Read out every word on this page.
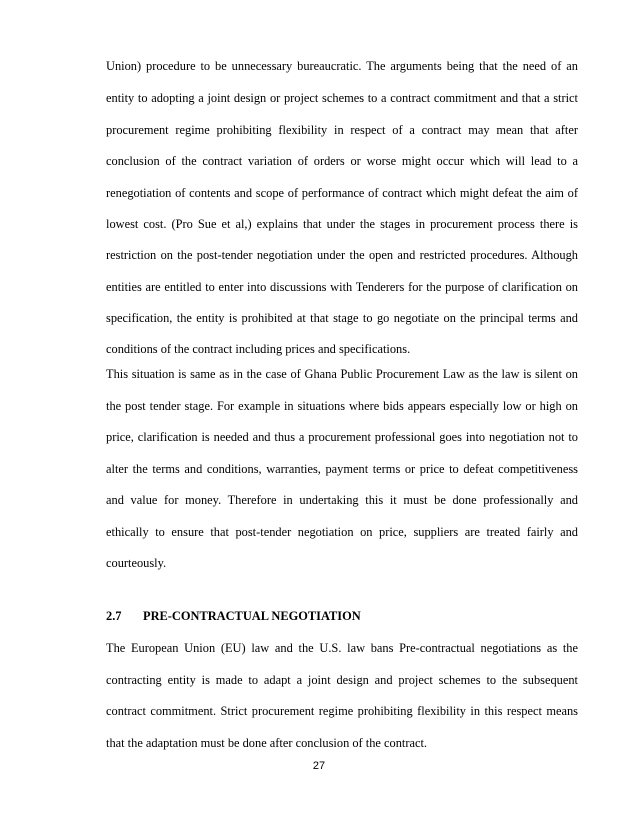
Union) procedure to be unnecessary bureaucratic. The arguments being that the need of an
entity to adopting a joint design or project schemes to a contract commitment and that a strict
procurement regime prohibiting flexibility in respect of a contract may mean that after
conclusion of the contract variation of orders or worse might occur which will lead to a
renegotiation of contents and scope of performance of contract which might defeat the aim of
lowest cost. (Pro Sue et al,) explains that under the stages in procurement process there is
restriction on the post-tender negotiation under the open and restricted procedures. Although
entities are entitled to enter into discussions with Tenderers for the purpose of clarification on
specification, the entity is prohibited at that stage to go negotiate on the principal terms and
conditions of the contract including prices and specifications.
This situation is same as in the case of Ghana Public Procurement Law as the law is silent on
the post tender stage. For example in situations where bids appears especially low or high on
price, clarification is needed and thus a procurement professional goes into negotiation not to
alter the terms and conditions, warranties, payment terms or price to defeat competitiveness
and value for money. Therefore in undertaking this it must be done professionally and
ethically to ensure that post-tender negotiation on price, suppliers are treated fairly and
courteously.
2.7 PRE-CONTRACTUAL NEGOTIATION
The European Union (EU) law and the U.S. law bans Pre-contractual negotiations as the
contracting entity is made to adapt a joint design and project schemes to the subsequent
contract commitment. Strict procurement regime prohibiting flexibility in this respect means
that the adaptation must be done after conclusion of the contract.
27
